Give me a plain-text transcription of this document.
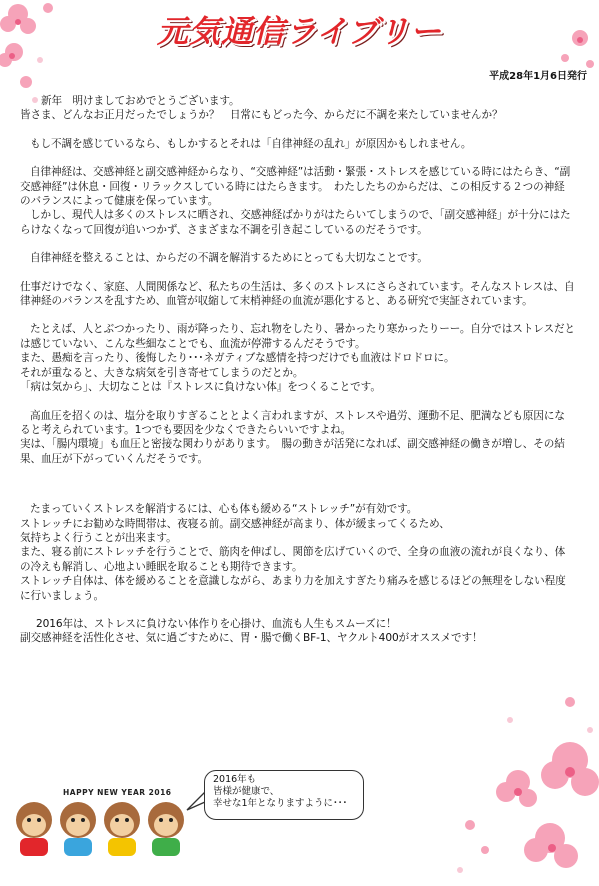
元気通信ライブリー
平成28年1月6日発行
新年　明けましておめでとうございます。
皆さま、どんなお正月だったでしょうか？　日常にもどった今、からだに不調を来たしていませんか？
もし不調を感じているなら、もしかするとそれは「自律神経の乱れ」が原因かもしれません。
自律神経は、交感神経と副交感神経からなり、“交感神経”は活動・緊張・ストレスを感じている時にはたらき、“副交感神経”は休息・回復・リラックスしている時にはたらきます。　わたしたちのからだは、この相反する２つの神経のバランスによって健康を保っています。
しかし、現代人は多くのストレスに晒され、交感神経ばかりがはたらいてしまうので、「副交感神経」が十分にはたらけなくなって回復が追いつかず、さまざまな不調を引き起こしているのだそうです。
自律神経を整えることは、からだの不調を解消するためにとっても大切なことです。
仕事だけでなく、家庭、人間関係など、私たちの生活は、多くのストレスにさらされています。そんなストレスは、自律神経のバランスを乱すため、血管が収縮して末梢神経の血流が悪化すると、ある研究で実証されています。
たとえば、人とぶつかったり、雨が降ったり、忘れ物をしたり、暑かったり寒かったりーー。自分ではストレスだとは感じていない、こんな些細なことでも、血流が停滞するんだそうです。
また、愚痴を言ったり、後悔したり･･･ネガティブな感情を持つだけでも血液はドロドロに。
それが重なると、大きな病気を引き寄せてしまうのだとか。
「病は気から」、大切なことは『ストレスに負けない体』をつくることです。
高血圧を招くのは、塩分を取りすぎることとよく言われますが、ストレスや過労、運動不足、肥満なども原因になると考えられています。1つでも要因を少なくできたらいいですよね。
実は、「腸内環境」も血圧と密接な関わりがあります。　腸の動きが活発になれば、副交感神経の働きが増し、その結果、血圧が下がっていくんだそうです。
たまっていくストレスを解消するには、心も体も緩める“ストレッチ”が有効です。
ストレッチにお勧めな時間帯は、夜寝る前。副交感神経が高まり、体が緩まってくるため、
気持ちよく行うことが出来ます。
また、寝る前にストレッチを行うことで、筋肉を伸ばし、関節を広げていくので、全身の血液の流れが良くなり、体の冷えも解消し、心地よい睡眠を取ることも期待できます。
ストレッチ自体は、体を緩めることを意識しながら、あまり力を加えすぎたり痛みを感じるほどの無理をしない程度に行いましょう。
2016年は、ストレスに負けない体作りを心掛け、血流も人生もスムーズに！
副交感神経を活性化させ、気に過ごすために、胃・腸で働くBF-1、ヤクルト400がオススメです！
HAPPY NEW YEAR 2016
2016年も
皆様が健康で、
幸せな1年となりますように･･･
